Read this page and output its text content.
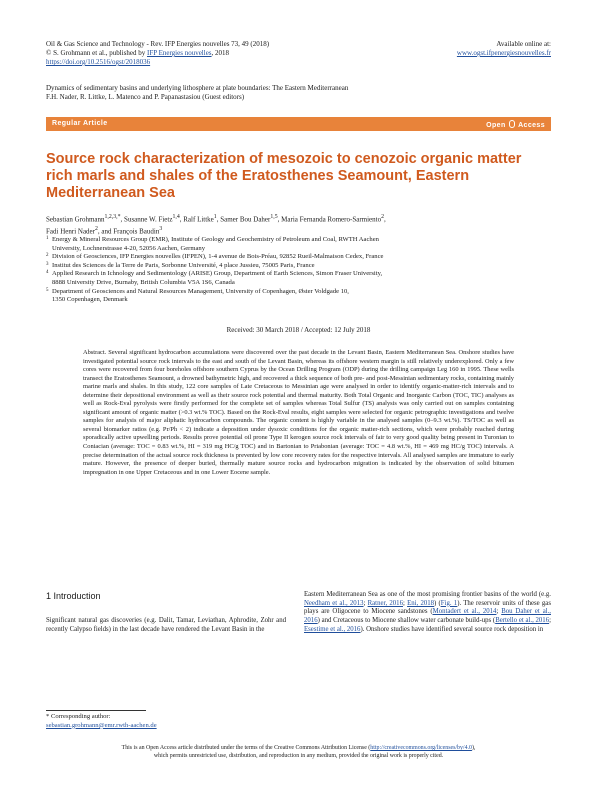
Oil & Gas Science and Technology - Rev. IFP Energies nouvelles 73, 49 (2018)
© S. Grohmann et al., published by IFP Energies nouvelles, 2018
https://doi.org/10.2516/ogst/2018036
Available online at:
www.ogst.ifpenergiesnouvelles.fr
Dynamics of sedimentary basins and underlying lithosphere at plate boundaries: The Eastern Mediterranean
F.H. Nader, R. Littke, L. Matenco and P. Papanastasiou (Guest editors)
Regular Article	Open Access
Source rock characterization of mesozoic to cenozoic organic matter rich marls and shales of the Eratosthenes Seamount, Eastern Mediterranean Sea
Sebastian Grohmann$^{1,2,3,*}$, Susanne W. Fietz$^{1,4}$, Ralf Littke$^1$, Samer Bou Daher$^{1,5}$, Maria Fernanda Romero-Sarmiento$^2$,
Fadi Henri Nader$^2$, and François Baudin$^3$

1 Energy & Mineral Resources Group (EMR), Institute of Geology and Geochemistry of Petroleum and Coal, RWTH Aachen
University, Lochnerstrasse 4-20, 52056 Aachen, Germany

2 Division of Geosciences, IFP Energies nouvelles (IFPEN), 1-4 avenue de Bois-Préau, 92852 Rueil-Malmaison Cedex, France

3 Institut des Sciences de la Terre de Paris, Sorbonne Université, 4 place Jussieu, 75005 Paris, France

4 Applied Research in Ichnology and Sedimentology (ARISE) Group, Department of Earth Sciences, Simon Fraser University,
8888 University Drive, Burnaby, British Columbia V5A 1S6, Canada

5 Department of Geosciences and Natural Resources Management, University of Copenhagen, Øster Voldgade 10,
1350 Copenhagen, Denmark

Received: 30 March 2018 / Accepted: 12 July 2018
Abstract. Several significant hydrocarbon accumulations were discovered over the past decade in the Levant Basin, Eastern Mediterranean Sea. Onshore studies have investigated potential source rock intervals to the east and south of the Levant Basin, whereas its offshore western margin is still relatively underexplored. Only a few cores were recovered from four boreholes offshore southern Cyprus by the Ocean Drilling Program (ODP) during the drilling campaign Leg 160 in 1995. These wells transect the Eratosthenes Seamount, a drowned bathymetric high, and recovered a thick sequence of both pre- and post-Messinian sedimentary rocks, containing mainly marine marls and shales. In this study, 122 core samples of Late Cretaceous to Messinian age were analysed in order to identify organic-matter-rich intervals and to determine their depositional environment as well as their source rock potential and thermal maturity. Both Total Organic and Inorganic Carbon (TOC, TIC) analyses as well as Rock-Eval pyrolysis were firstly performed for the complete set of samples whereas Total Sulfur (TS) analysis was only carried out on samples containing significant amount of organic matter (>0.3 wt.% TOC). Based on the Rock-Eval results, eight samples were selected for organic petrographic investigations and twelve samples for analysis of major aliphatic hydrocarbon compounds. The organic content is highly variable in the analysed samples (0–9.3 wt.%). TS/TOC as well as several biomarker ratios (e.g. Pr/Ph < 2) indicate a deposition under dysoxic conditions for the organic matter-rich sections, which were probably reached during sporadically active upwelling periods. Results prove potential oil prone Type II kerogen source rock intervals of fair to very good quality being present in Turonian to Coniacian (average: TOC = 0.83 wt.%, HI = 319 mg HC/g TOC) and in Bartonian to Priabonian (average: TOC = 4.8 wt.%, HI = 469 mg HC/g TOC) intervals. A precise determination of the actual source rock thickness is prevented by low core recovery rates for the respective intervals. All analysed samples are immature to early mature. However, the presence of deeper buried, thermally mature source rocks and hydrocarbon migration is indicated by the observation of solid bitumen impregnation in one Upper Cretaceous and in one Lower Eocene sample.
1 Introduction
Significant natural gas discoveries (e.g. Dalit, Tamar, Leviathan, Aphrodite, Zohr and recently Calypso fields) in the last decade have rendered the Levant Basin in the
Eastern Mediterranean Sea as one of the most promising frontier basins of the world (e.g. Needham et al., 2013; Ratner, 2016; Eni, 2018) (Fig. 1). The reservoir units of these gas plays are Oligocene to Miocene sandstones (Montadert et al., 2014; Bou Daher et al., 2016) and Cretaceous to Miocene shallow water carbonate build-ups (Bertello et al., 2016; Esestime et al., 2016). Onshore studies have identified several source rock deposition in
* Corresponding author:
sebastian.grohmann@emr.rwth-aachen.de
This is an Open Access article distributed under the terms of the Creative Commons Attribution License (http://creativecommons.org/licenses/by/4.0),
which permits unrestricted use, distribution, and reproduction in any medium, provided the original work is properly cited.
